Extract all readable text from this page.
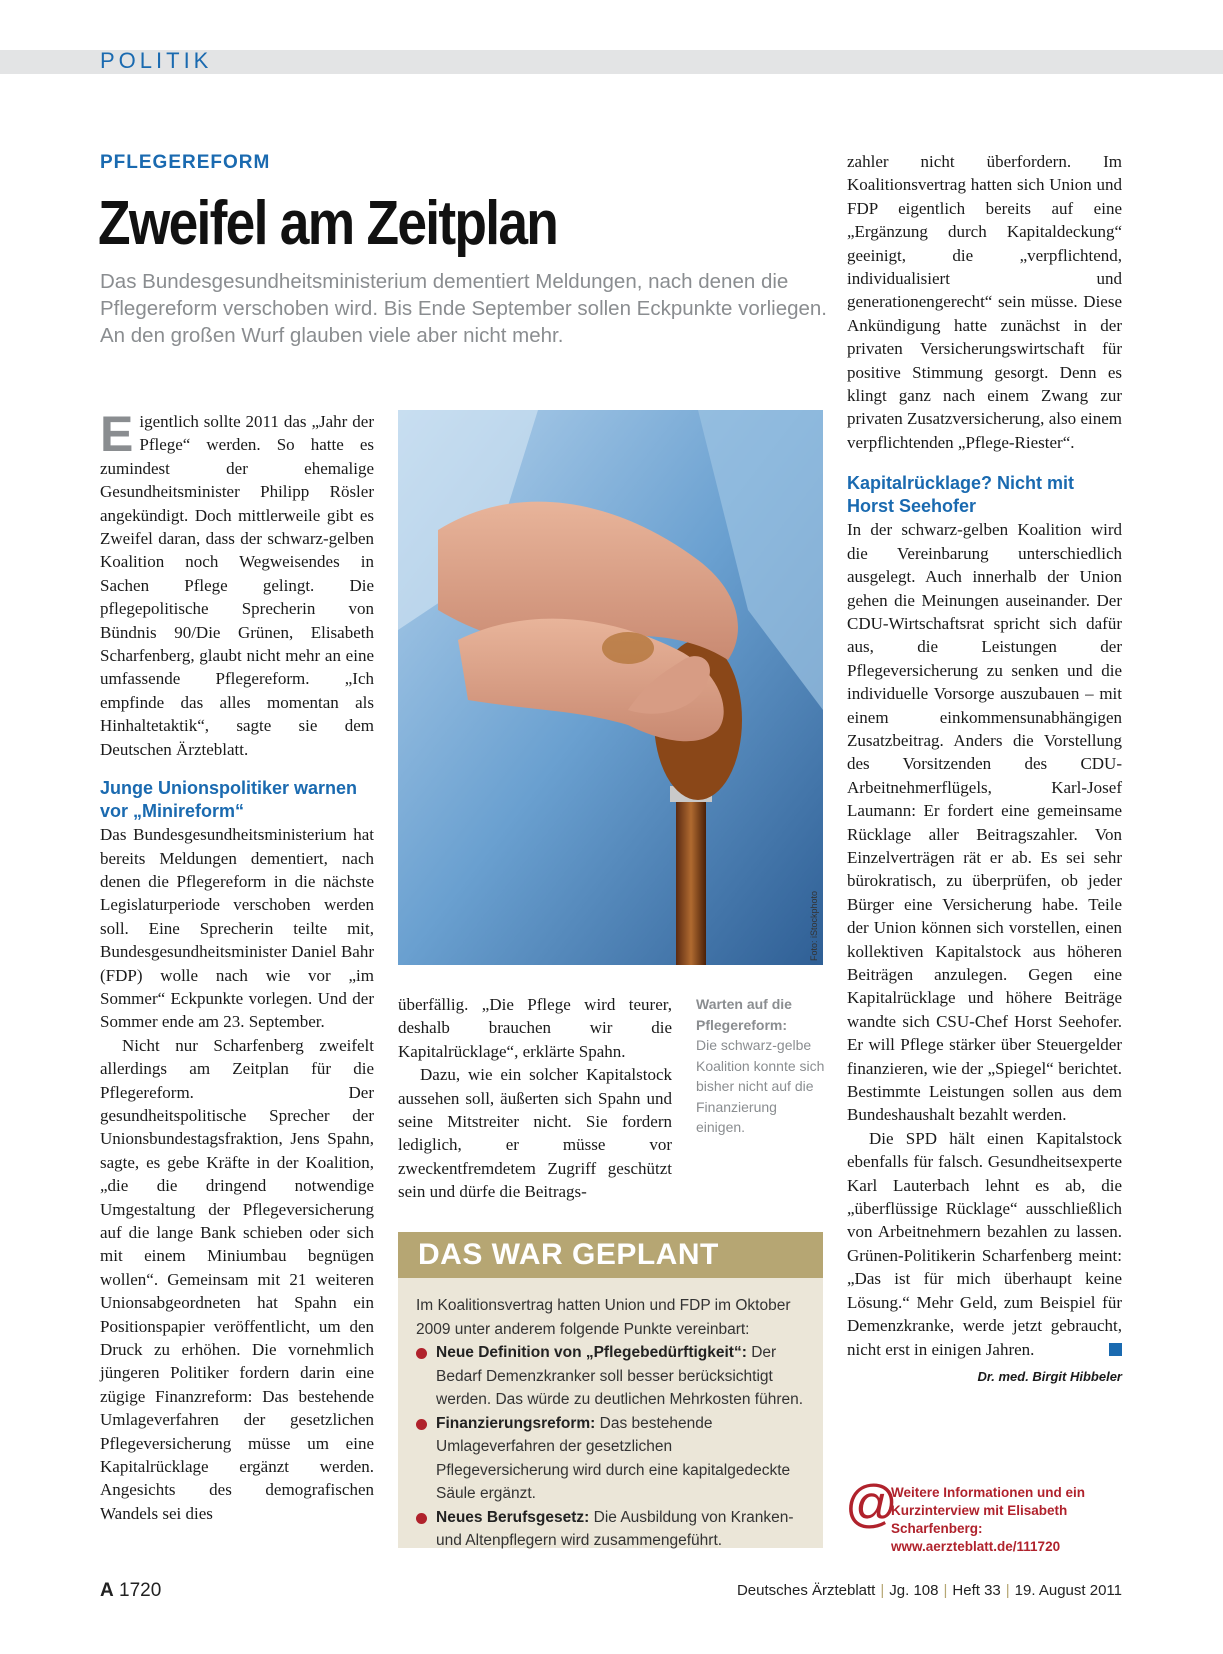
POLITIK
PFLEGEREFORM
Zweifel am Zeitplan

Das Bundesgesundheitsministerium dementiert Meldungen, nach denen die Pflegereform verschoben wird. Bis Ende September sollen Eckpunkte vorliegen. An den großen Wurf glauben viele aber nicht mehr.

Eigentlich sollte 2011 das „Jahr der Pflege“ werden. So hatte es zumindest der ehemalige Gesundheitsminister Philipp Rösler angekündigt. Doch mittlerweile gibt es Zweifel daran, dass der schwarz-gelben Koalition noch Wegweisendes in Sachen Pflege gelingt. Die pflegepolitische Sprecherin von Bündnis 90/Die Grünen, Elisabeth Scharfenberg, glaubt nicht mehr an eine umfassende Pflegereform. „Ich empfinde das alles momentan als Hinhaltetaktik“, sagte sie dem Deutschen Ärzteblatt.

Junge Unionspolitiker warnen vor „Minireform“

Das Bundesgesundheitsministerium hat bereits Meldungen dementiert, nach denen die Pflegereform in die nächste Legislaturperiode verschoben werden soll. Eine Sprecherin teilte mit, Bundesgesundheitsminister Daniel Bahr (FDP) wolle nach wie vor „im Sommer“ Eckpunkte vorlegen. Und der Sommer ende am 23. September.

Nicht nur Scharfenberg zweifelt allerdings am Zeitplan für die Pflegereform. Der gesundheitspolitische Sprecher der Unionsbundestagsfraktion, Jens Spahn, sagte, es gebe Kräfte in der Koalition, „die die dringend notwendige Umgestaltung der Pflegeversicherung auf die lange Bank schieben oder sich mit einem Miniumbau begnügen wollen“. Gemeinsam mit 21 weiteren Unionsabgeordneten hat Spahn ein Positionspapier veröffentlicht, um den Druck zu erhöhen. Die vornehmlich jüngeren Politiker fordern darin eine zügige Finanzreform: Das bestehende Umlageverfahren der gesetzlichen Pflegeversicherung müsse um eine Kapitalrücklage ergänzt werden. Angesichts des demografischen Wandels sei dies

Foto: iStockphoto
Warten auf die Pflegereform:
Die schwarz-gelbe Koalition konnte sich bisher nicht auf die Finanzierung einigen.

überfällig. „Die Pflege wird teurer, deshalb brauchen wir die Kapitalrücklage“, erklärte Spahn.

Dazu, wie ein solcher Kapitalstock aussehen soll, äußerten sich Spahn und seine Mitstreiter nicht. Sie fordern lediglich, er müsse vor zweckentfremdetem Zugriff geschützt sein und dürfe die Beitrags-

DAS WAR GEPLANT

Im Koalitionsvertrag hatten Union und FDP im Oktober 2009 unter anderem folgende Punkte vereinbart:

Neue Definition von „Pflegebedürftigkeit“: Der Bedarf Demenzkranker soll besser berücksichtigt werden. Das würde zu deutlichen Mehrkosten führen.
Finanzierungsreform: Das bestehende Umlageverfahren der gesetzlichen Pflegeversicherung wird durch eine kapitalgedeckte Säule ergänzt.
Neues Berufsgesetz: Die Ausbildung von Kranken- und Altenpflegern wird zusammengeführt.

zahler nicht überfordern. Im Koalitionsvertrag hatten sich Union und FDP eigentlich bereits auf eine „Ergänzung durch Kapitaldeckung“ geeinigt, die „verpflichtend, individualisiert und generationengerecht“ sein müsse. Diese Ankündigung hatte zunächst in der privaten Versicherungswirtschaft für positive Stimmung gesorgt. Denn es klingt ganz nach einem Zwang zur privaten Zusatzversicherung, also einem verpflichtenden „Pflege-Riester“.

Kapitalrücklage? Nicht mit Horst Seehofer

In der schwarz-gelben Koalition wird die Vereinbarung unterschiedlich ausgelegt. Auch innerhalb der Union gehen die Meinungen auseinander. Der CDU-Wirtschaftsrat spricht sich dafür aus, die Leistungen der Pflegeversicherung zu senken und die individuelle Vorsorge auszubauen – mit einem einkommensunabhängigen Zusatzbeitrag. Anders die Vorstellung des Vorsitzenden des CDU-Arbeitnehmerflügels, Karl-Josef Laumann: Er fordert eine gemeinsame Rücklage aller Beitragszahler. Von Einzelverträgen rät er ab. Es sei sehr bürokratisch, zu überprüfen, ob jeder Bürger eine Versicherung habe. Teile der Union können sich vorstellen, einen kollektiven Kapitalstock aus höheren Beiträgen anzulegen. Gegen eine Kapitalrücklage und höhere Beiträge wandte sich CSU-Chef Horst Seehofer. Er will Pflege stärker über Steuergelder finanzieren, wie der „Spiegel“ berichtet. Bestimmte Leistungen sollen aus dem Bundeshaushalt bezahlt werden.

Die SPD hält einen Kapitalstock ebenfalls für falsch. Gesundheitsexperte Karl Lauterbach lehnt es ab, die „überflüssige Rücklage“ ausschließlich von Arbeitnehmern bezahlen zu lassen. Grünen-Politikerin Scharfenberg meint: „Das ist für mich überhaupt keine Lösung.“ Mehr Geld, zum Beispiel für Demenzkranke, werde jetzt gebraucht, nicht erst in einigen Jahren.

Dr. med. Birgit Hibbeler
@
Weitere Informationen und ein Kurzinterview mit Elisabeth Scharfenberg: www.aerzteblatt.de/111720
A 1720	Deutsches Ärzteblatt | Jg. 108 | Heft 33 | 19. August 2011
